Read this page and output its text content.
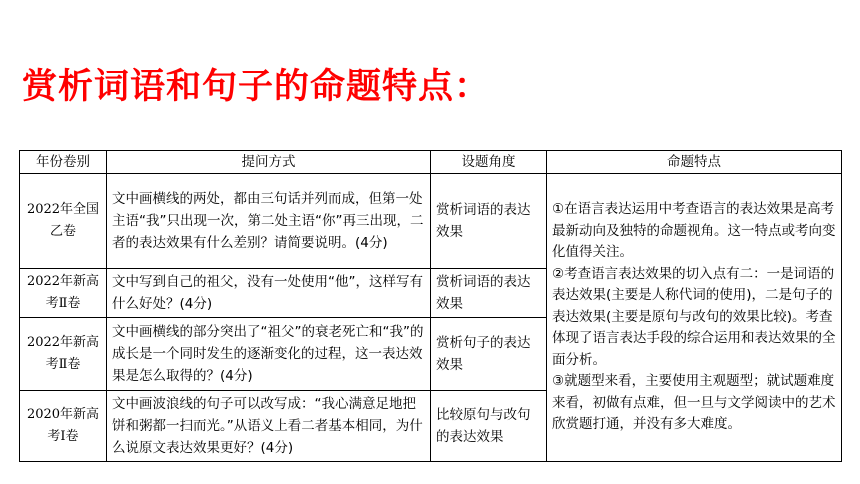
赏析词语和句子的命题特点：
年份卷别	提问方式	设题角度	命题特点
2022年全国乙卷	文中画横线的两处，都由三句话并列而成，但第一处主语“我”只出现一次，第二处主语“你”再三出现，二者的表达效果有什么差别？请简要说明。(4分)	赏析词语的表达效果	①在语言表达运用中考查语言的表达效果是高考最新动向及独特的命题视角。这一特点或考向变化值得关注。
②考查语言表达效果的切入点有二：一是词语的表达效果(主要是人称代词的使用)，二是句子的表达效果(主要是原句与改句的效果比较)。考查体现了语言表达手段的综合运用和表达效果的全面分析。
③就题型来看，主要使用主观题型；就试题难度来看，初做有点难，但一旦与文学阅读中的艺术欣赏题打通，并没有多大难度。

2022年新高考Ⅱ卷	文中写到自己的祖父，没有一处使用“他”，这样写有什么好处？(4分)	赏析词语的表达效果	
2022年新高考Ⅱ卷	文中画横线的部分突出了“祖父”的衰老死亡和“我”的成长是一个同时发生的逐渐变化的过程，这一表达效果是怎么取得的？(4分)	赏析句子的表达效果	
2020年新高考Ⅰ卷	文中画波浪线的句子可以改写成：“我心满意足地把饼和粥都一扫而光。”从语义上看二者基本相同，为什么说原文表达效果更好？(4分)	比较原句与改句的表达效果	
